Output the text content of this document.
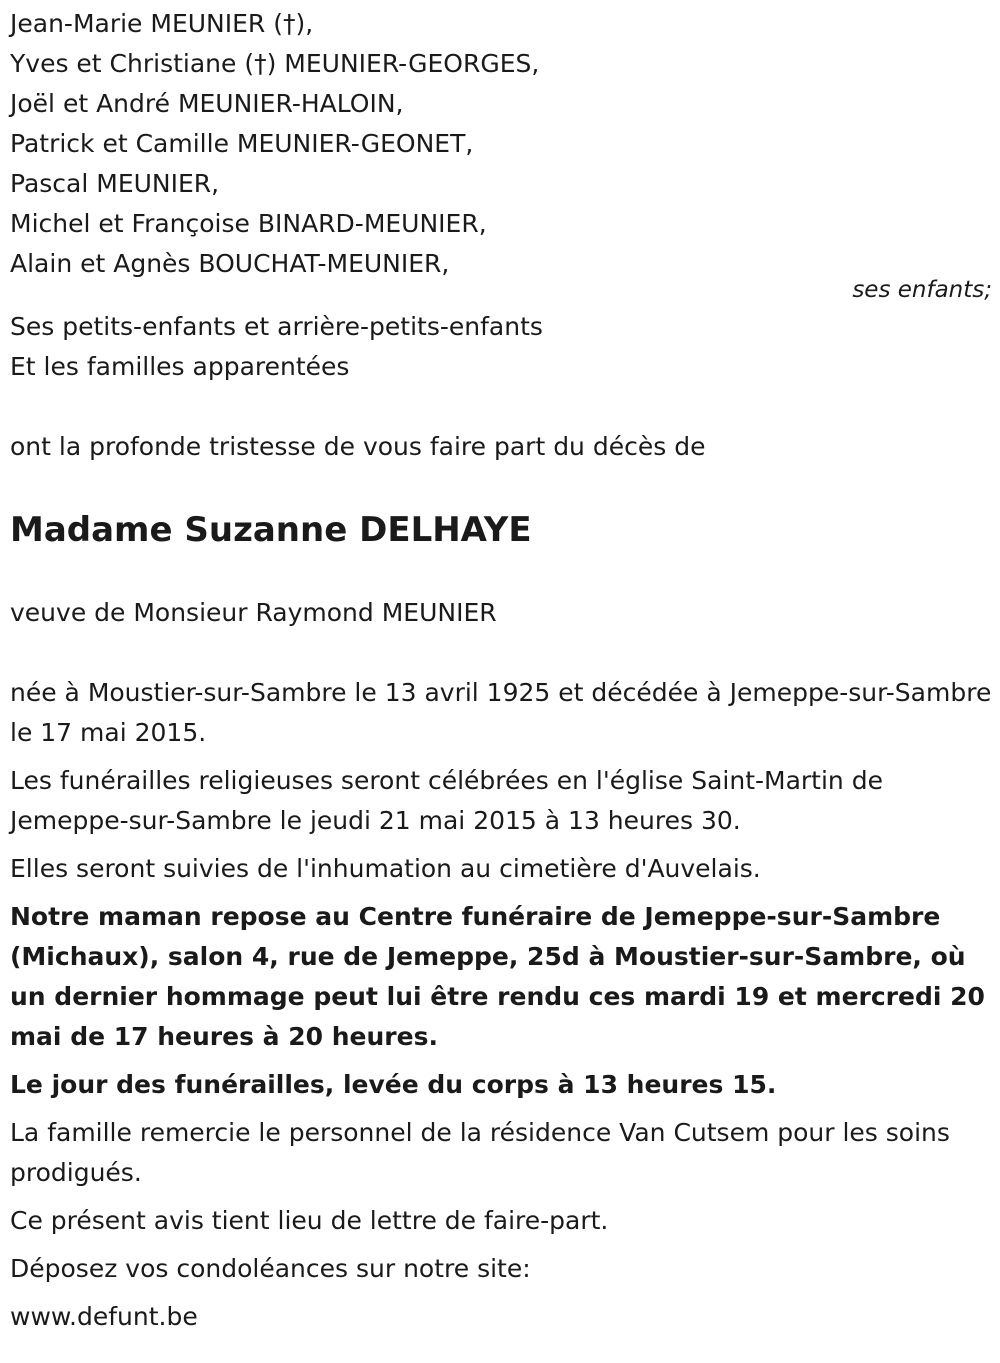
Jean-Marie MEUNIER (†),

Yves et Christiane (†) MEUNIER-GEORGES,

Joël et André MEUNIER-HALOIN,

Patrick et Camille MEUNIER-GEONET,

Pascal MEUNIER,

Michel et Françoise BINARD-MEUNIER,

Alain et Agnès BOUCHAT-MEUNIER,

ses enfants;

Ses petits-enfants et arrière-petits-enfants

Et les familles apparentées

ont la profonde tristesse de vous faire part du décès de

Madame Suzanne DELHAYE

veuve de Monsieur Raymond MEUNIER

née à Moustier-sur-Sambre le 13 avril 1925 et décédée à Jemeppe-sur-Sambre le 17 mai 2015.

Les funérailles religieuses seront célébrées en l'église Saint-Martin de Jemeppe-sur-Sambre le jeudi 21 mai 2015 à 13 heures 30.

Elles seront suivies de l'inhumation au cimetière d'Auvelais.

Notre maman repose au Centre funéraire de Jemeppe-sur-Sambre (Michaux), salon 4, rue de Jemeppe, 25d à Moustier-sur-Sambre, où un dernier hommage peut lui être rendu ces mardi 19 et mercredi 20 mai de 17 heures à 20 heures.

Le jour des funérailles, levée du corps à 13 heures 15.

La famille remercie le personnel de la résidence Van Cutsem pour les soins prodigués.

Ce présent avis tient lieu de lettre de faire-part.

Déposez vos condoléances sur notre site:

www.defunt.be
